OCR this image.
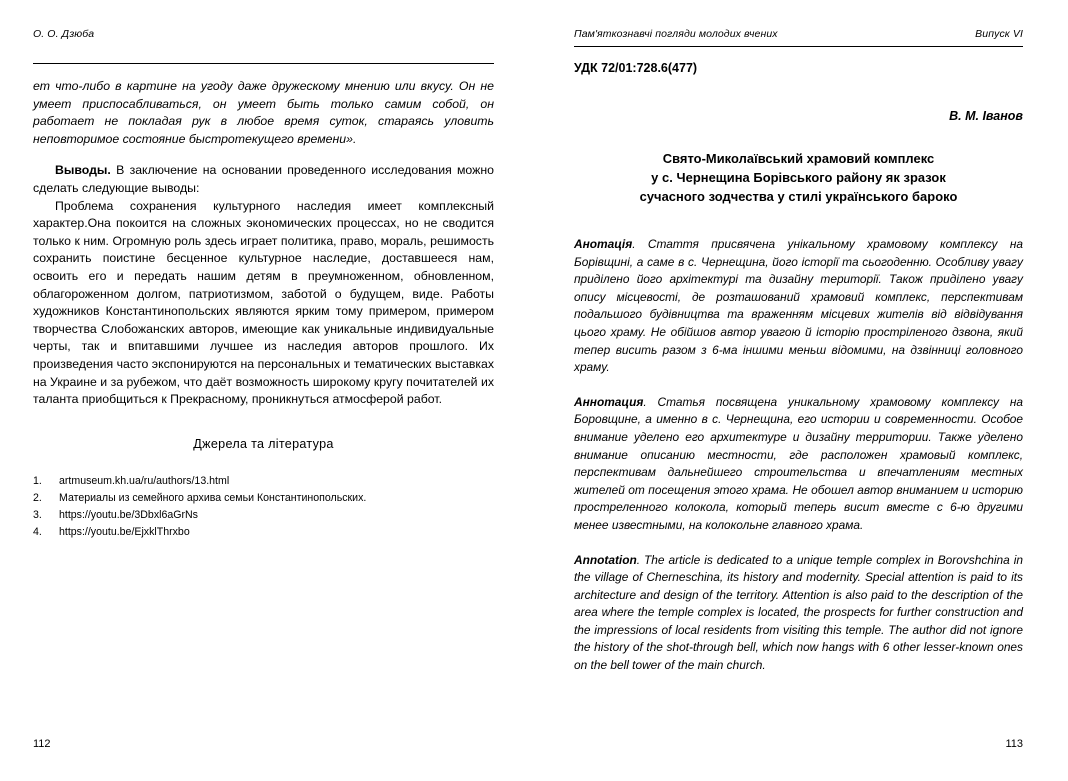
О. О. Дзюба
ет что-либо в картине на угоду даже дружескому мнению или вкусу. Он не умеет приспосабливаться, он умеет быть только самим собой, он работает не покладая рук в любое время суток, стараясь уловить неповторимое состояние быстротекущего времени».

Выводы. В заключение на основании проведенного исследования можно сделать следующие выводы:

Проблема сохранения культурного наследия имеет комплексный характер.Она покоится на сложных экономических процессах, но не сводится только к ним. Огромную роль здесь играет политика, право, мораль, решимость сохранить поистине бесценное культурное наследие, доставшееся нам, освоить его и передать нашим детям в преумноженном, обновленном, облагороженном долгом, патриотизмом, заботой о будущем, виде. Работы художников Константинопольских являются ярким тому примером, примером творчества Слобожанских авторов, имеющие как уникальные индивидуальные черты, так и впитавшими лучшее из наследия авторов прошлого. Их произведения часто экспонируются на персональных и тематических выставках на Украине и за рубежом, что даёт возможность широкому кругу почитателей их таланта приобщиться к Прекрасному, проникнуться атмосферой работ.

Джерела та література
1.	artmuseum.kh.ua/ru/authors/13.html
2.	Материалы из семейного архива семьи Константинопольских.
3.	https://youtu.be/3Dbxl6aGrNs
4.	https://youtu.be/EjxklThrxbo
112
Пам'яткознавчі погляди молодих вчених	Випуск VI
УДК 72/01:728.6(477)
В. М. Іванов
Свято-Миколаївський храмовий комплекс
у с. Чернещина Борівського району як зразок
сучасного зодчества у стилі українського бароко
Анотація. Стаття присвячена унікальному храмовому комплексу на Борівщині, а саме в с. Чернещина, його історії та сьогоденню. Особливу увагу приділено його архітектурі та дизайну території. Також приділено увагу опису місцевості, де розташований храмовий комплекс, перспективам подальшого будівництва та враженням місцевих жителів від відвідування цього храму. Не обійшов автор увагою й історію простріленого дзвона, який тепер висить разом з 6-ма іншими меньш відомими, на дзвінниці головного храму.
Аннотация. Статья посвящена уникальному храмовому комплексу на Боровщине, а именно в с. Чернещина, его истории и современности. Особое внимание уделено его архитектуре и дизайну территории. Также уделено внимание описанию местности, где расположен храмовый комплекс, перспективам дальнейшего строительства и впечатлениям местных жителей от посещения этого храма. Не обошел автор вниманием и историю простреленного колокола, который теперь висит вместе с 6-ю другими менее известными, на колокольне главного храма.
Annotation. The article is dedicated to a unique temple complex in Borovshchina in the village of Cherneschina, its history and modernity. Special attention is paid to its architecture and design of the territory. Attention is also paid to the description of the area where the temple complex is located, the prospects for further construction and the impressions of local residents from visiting this temple. The author did not ignore the history of the shot-through bell, which now hangs with 6 other lesser-known ones on the bell tower of the main church.
113
